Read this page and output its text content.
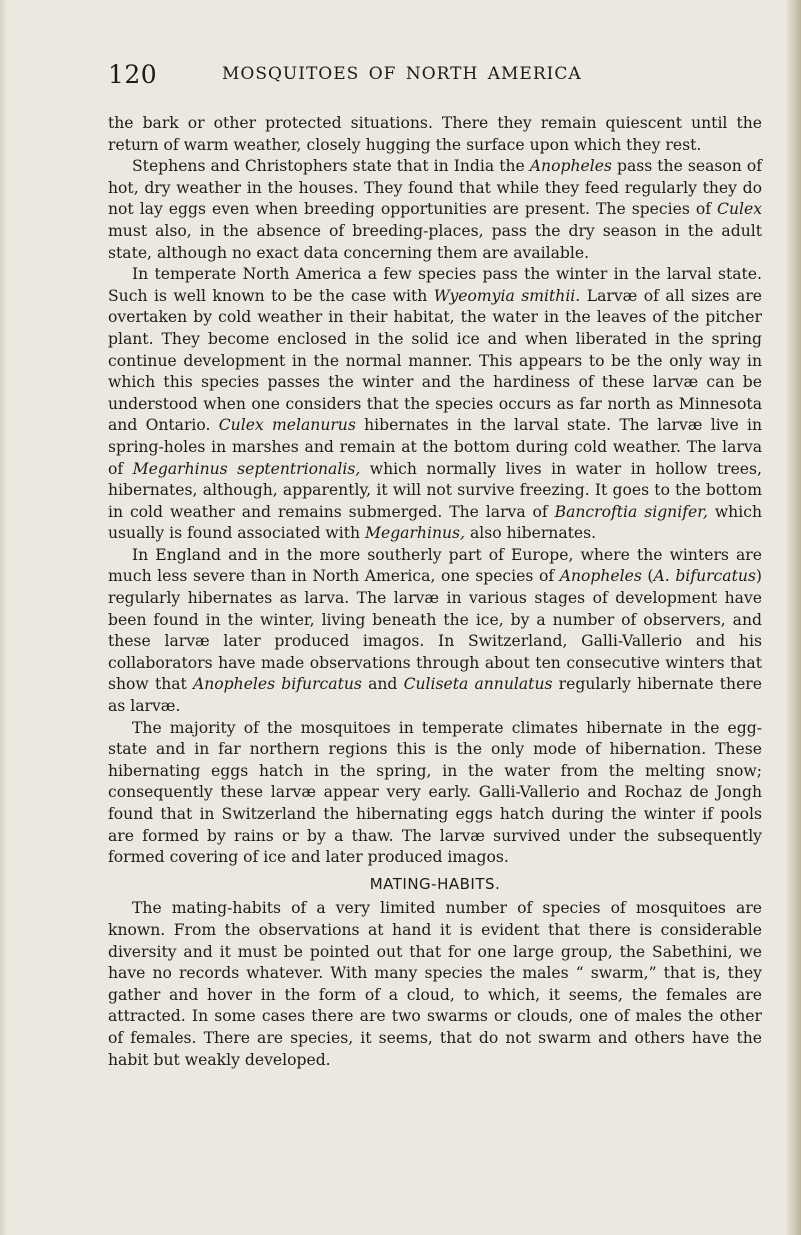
120	MOSQUITOES OF NORTH AMERICA

the bark or other protected situations. There they remain quiescent until the return of warm weather, closely hugging the surface upon which they rest.

Stephens and Christophers state that in India the Anopheles pass the season of hot, dry weather in the houses. They found that while they feed regularly they do not lay eggs even when breeding opportunities are present. The species of Culex must also, in the absence of breeding-places, pass the dry season in the adult state, although no exact data concerning them are available.

In temperate North America a few species pass the winter in the larval state. Such is well known to be the case with Wyeomyia smithii. Larvæ of all sizes are overtaken by cold weather in their habitat, the water in the leaves of the pitcher plant. They become enclosed in the solid ice and when liberated in the spring continue development in the normal manner. This appears to be the only way in which this species passes the winter and the hardiness of these larvæ can be understood when one considers that the species occurs as far north as Minnesota and Ontario. Culex melanurus hibernates in the larval state. The larvæ live in spring-holes in marshes and remain at the bottom during cold weather. The larva of Megarhinus septentrionalis, which normally lives in water in hollow trees, hibernates, although, apparently, it will not survive freezing. It goes to the bottom in cold weather and remains submerged. The larva of Bancroftia signifer, which usually is found associated with Megarhinus, also hibernates.

In England and in the more southerly part of Europe, where the winters are much less severe than in North America, one species of Anopheles (A. bifurcatus) regularly hibernates as larva. The larvæ in various stages of development have been found in the winter, living beneath the ice, by a number of observers, and these larvæ later produced imagos. In Switzerland, Galli-Vallerio and his collaborators have made observations through about ten consecutive winters that show that Anopheles bifurcatus and Culiseta annulatus regularly hibernate there as larvæ.

The majority of the mosquitoes in temperate climates hibernate in the egg-state and in far northern regions this is the only mode of hibernation. These hibernating eggs hatch in the spring, in the water from the melting snow; consequently these larvæ appear very early. Galli-Vallerio and Rochaz de Jongh found that in Switzerland the hibernating eggs hatch during the winter if pools are formed by rains or by a thaw. The larvæ survived under the subsequently formed covering of ice and later produced imagos.

MATING-HABITS.

The mating-habits of a very limited number of species of mosquitoes are known. From the observations at hand it is evident that there is considerable diversity and it must be pointed out that for one large group, the Sabethini, we have no records whatever. With many species the males “ swarm,” that is, they gather and hover in the form of a cloud, to which, it seems, the females are attracted. In some cases there are two swarms or clouds, one of males the other of females. There are species, it seems, that do not swarm and others have the habit but weakly developed.
